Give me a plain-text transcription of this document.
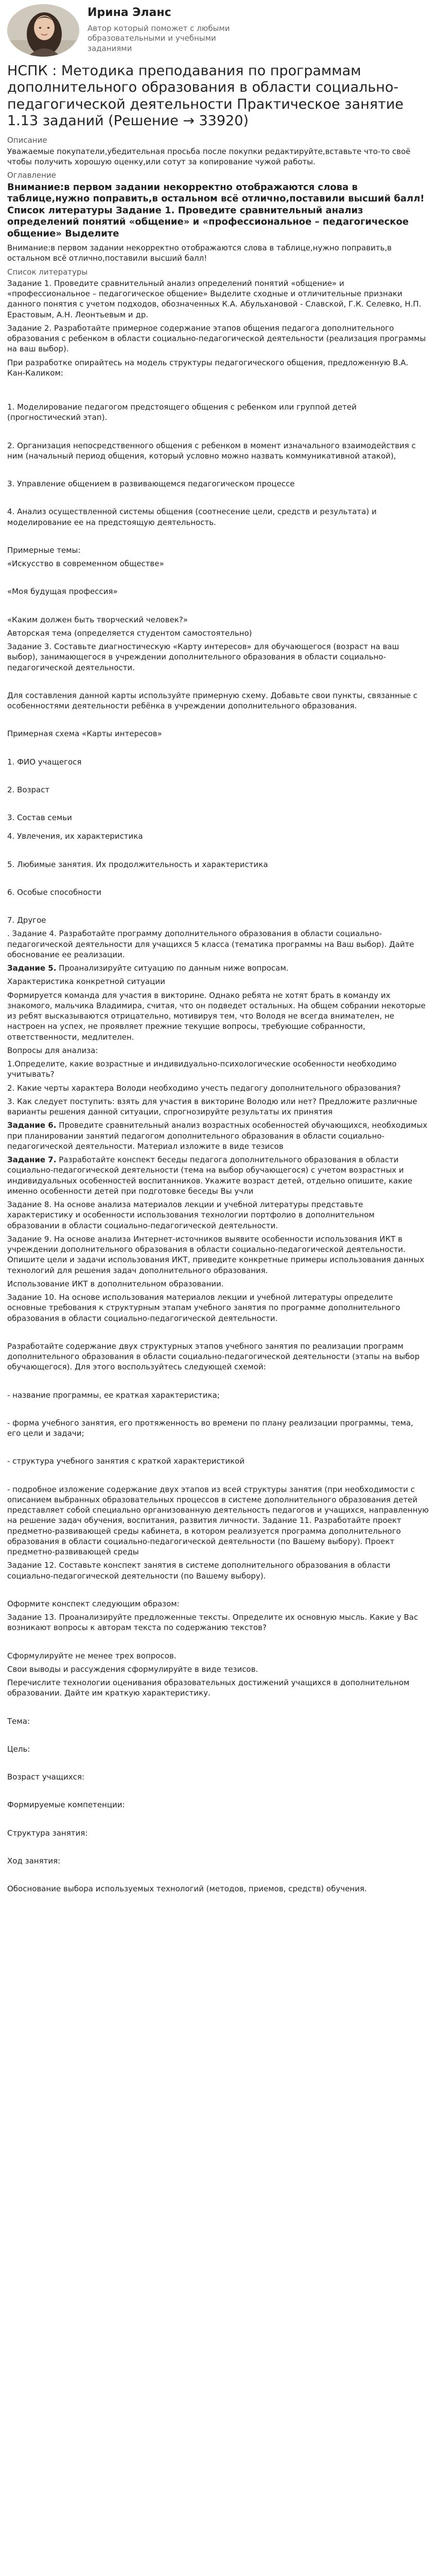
Ирина Эланс
Автор который поможет с любыми образовательными и учебными заданиями
НСПК : Методика преподавания по программам дополнительного образования в области социально-педагогической деятельности Практическое занятие 1.13 заданий (Решение → 33920)
Описание

Уважаемые покупатели,убедительная просьба после покупки редактируйте,вставьте что-то своё чтобы получить хорошую оценку,или сотут за копирование чужой работы.

Оглавление
Внимание:в первом задании некорректно отображаются слова в таблице,нужно поправить,в остальном всё отлично,поставили высший балл! Список литературы Задание 1. Проведите сравнительный анализ определений понятий «общение» и «профессиональное – педагогическое общение» Выделите

Внимание:в первом задании некорректно отображаются слова в таблице,нужно поправить,в остальном всё отлично,поставили высший балл!

Список литературы

Задание 1. Проведите сравнительный анализ определений понятий «общение» и «профессиональное – педагогическое общение» Выделите сходные и отличительные признаки данного понятия с учетом подходов, обозначенных К.А. Абульхановой - Славской, Г.К. Селевко, Н.П. Ерастовым, А.Н. Леонтьевым и др.

Задание 2. Разработайте примерное содержание этапов общения педагога дополнительного образования с ребенком в области социально-педагогической деятельности (реализация программы на ваш выбор).

При разработке опирайтесь на модель структуры педагогического общения, предложенную В.А. Кан-Каликом:

1. Моделирование педагогом предстоящего общения с ребенком или группой детей (прогностический этап).

2. Организация непосредственного общения с ребенком в момент изначального взаимодействия с ним (начальный период общения, который условно можно назвать коммуникативной атакой),

3. Управление общением в развивающемся педагогическом процессе

4. Анализ осуществленной системы общения (соотнесение цели, средств и результата) и моделирование ее на предстоящую деятельность.

Примерные темы:

«Искусство в современном обществе»

«Моя будущая профессия»

«Каким должен быть творческий человек?»

Авторская тема (определяется студентом самостоятельно)

Задание 3. Составьте диагностическую «Карту интересов» для обучающегося (возраст на ваш выбор), занимающегося в учреждении дополнительного образования в области социально-педагогической деятельности.

Для составления данной карты используйте примерную схему. Добавьте свои пункты, связанные с особенностями деятельности ребёнка в учреждении дополнительного образования.

Примерная схема «Карты интересов»

1. ФИО учащегося

2. Возраст

3. Состав семьи

4. Увлечения, их характеристика

5. Любимые занятия. Их продолжительность и характеристика

6. Особые способности

7. Другое

. Задание 4. Разработайте программу дополнительного образования в области социально-педагогической деятельности для учащихся 5 класса (тематика программы на Ваш выбор). Дайте обоснование ее реализации.

Задание 5. Проанализируйте ситуацию по данным ниже вопросам.

Характеристика конкретной ситуации

Формируется команда для участия в викторине. Однако ребята не хотят брать в команду их знакомого, мальчика Владимира, считая, что он подведет остальных. На общем собрании некоторые из ребят высказываются отрицательно, мотивируя тем, что Володя не всегда внимателен, не настроен на успех, не проявляет прежние текущие вопросы, требующие собранности, ответственности, медлителен.

Вопросы для анализа:

1.Определите, какие возрастные и индивидуально-психологические особенности необходимо учитывать?

2. Какие черты характера Володи необходимо учесть педагогу дополнительного образования?

3. Как следует поступить: взять для участия в викторине Володю или нет? Предложите различные варианты решения данной ситуации, спрогнозируйте результаты их принятия

Задание 6. Проведите сравнительный анализ возрастных особенностей обучающихся, необходимых при планировании занятий педагогом дополнительного образования в области социально-педагогической деятельности. Материал изложите в виде тезисов

Задание 7. Разработайте конспект беседы педагога дополнительного образования в области социально-педагогической деятельности (тема на выбор обучающегося) с учетом возрастных и индивидуальных особенностей воспитанников. Укажите возраст детей, отдельно опишите, какие именно особенности детей при подготовке беседы Вы учли

Задание 8. На основе анализа материалов лекции и учебной литературы представьте характеристику и особенности использования технологии портфолио в дополнительном образовании в области социально-педагогической деятельности.

Задание 9. На основе анализа Интернет-источников выявите особенности использования ИКТ в учреждении дополнительного образования в области социально-педагогической деятельности. Опишите цели и задачи использования ИКТ, приведите конкретные примеры использования данных технологий для решения задач дополнительного образования.

Использование ИКТ в дополнительном образовании.

Задание 10. На основе использования материалов лекции и учебной литературы определите основные требования к структурным этапам учебного занятия по программе дополнительного образования в области социально-педагогической деятельности.

Разработайте содержание двух структурных этапов учебного занятия по реализации программ дополнительного образования в области социально-педагогической деятельности (этапы на выбор обучающегося). Для этого воспользуйтесь следующей схемой:

- название программы, ее краткая характеристика;

- форма учебного занятия, его протяженность во времени по плану реализации программы, тема, его цели и задачи;

- структура учебного занятия с краткой характеристикой

- подробное изложение содержание двух этапов из всей структуры занятия (при необходимости с описанием выбранных образовательных процессов в системе дополнительного образования детей представляет собой специально организованную деятельность педагогов и учащихся, направленную на решение задач обучения, воспитания, развития личности. Задание 11. Разработайте проект предметно-развивающей среды кабинета, в котором реализуется программа дополнительного образования в области социально-педагогической деятельности (по Вашему выбору). Проект предметно-развивающей среды

Задание 12. Составьте конспект занятия в системе дополнительного образования в области социально-педагогической деятельности (по Вашему выбору).

Оформите конспект следующим образом:

Задание 13. Проанализируйте предложенные тексты. Определите их основную мысль. Какие у Вас возникают вопросы к авторам текста по содержанию текстов?

Сформулируйте не менее трех вопросов.

Свои выводы и рассуждения сформулируйте в виде тезисов.

Перечислите технологии оценивания образовательных достижений учащихся в дополнительном образовании. Дайте им краткую характеристику.

Тема:

Цель:

Возраст учащихся:

Формируемые компетенции:

Структура занятия:

Ход занятия:

Обоснование выбора используемых технологий (методов, приемов, средств) обучения.
